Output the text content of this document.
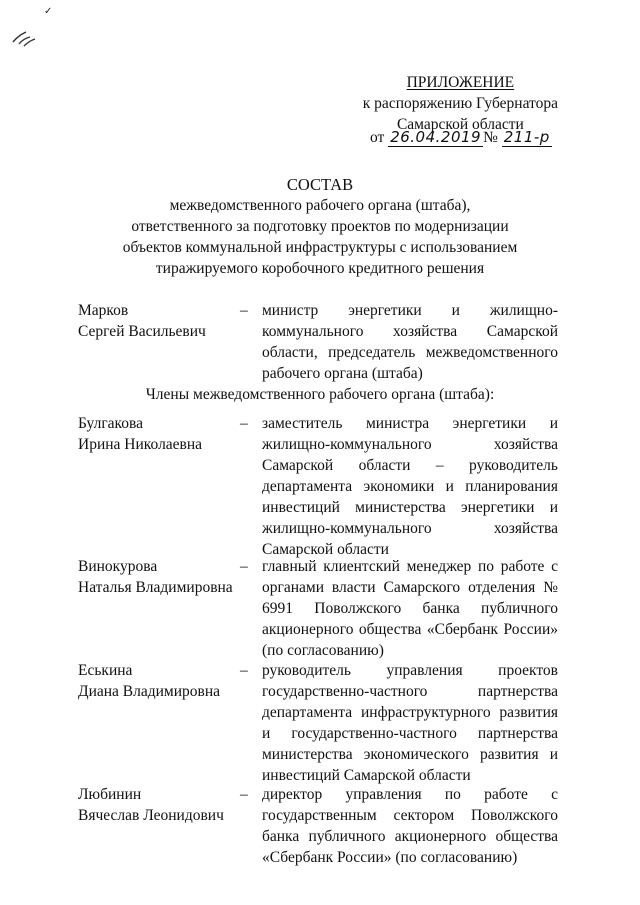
✓
ПРИЛОЖЕНИЕ
к распоряжению Губернатора
Самарской области
от 26.04.2019 № 211-р
СОСТАВ
межведомственного рабочего органа (штаба),
ответственного за подготовку проектов по модернизации
объектов коммунальной инфраструктуры с использованием
тиражируемого коробочного кредитного решения
Марков
Сергей Васильевич
– министр энергетики и жилищно-коммунального хозяйства Самарской области, председатель межведомственного рабочего органа (штаба)
Члены межведомственного рабочего органа (штаба):
Булгакова
Ирина Николаевна
– заместитель министра энергетики и жилищно-коммунального хозяйства Самарской области – руководитель департамента экономики и планирования инвестиций министерства энергетики и жилищно-коммунального хозяйства Самарской области
Винокурова
Наталья Владимировна
– главный клиентский менеджер по работе с органами власти Самарского отделения № 6991 Поволжского банка публичного акционерного общества «Сбербанк России» (по согласованию)
Еськина
Диана Владимировна
– руководитель управления проектов государственно-частного партнерства департамента инфраструктурного развития и государственно-частного партнерства министерства экономического развития и инвестиций Самарской области
Любинин
Вячеслав Леонидович
– директор управления по работе с государственным сектором Поволжского банка публичного акционерного общества «Сбербанк России» (по согласованию)
